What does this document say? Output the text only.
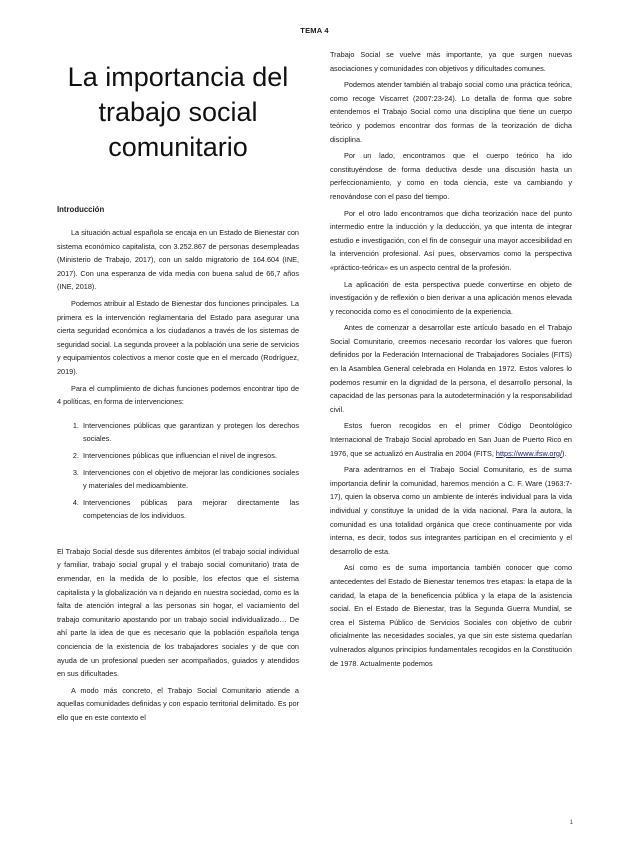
TEMA 4
La importancia del trabajo social comunitario
Introducción

La situación actual española se encaja en un Estado de Bienestar con sistema económico capitalista, con 3.252.867 de personas desempleadas (Ministerio de Trabajo, 2017), con un saldo migratorio de 164.604 (INE, 2017). Con una esperanza de vida media con buena salud de 66,7 años (INE, 2018).

Podemos atribuir al Estado de Bienestar dos funciones principales. La primera es la intervención reglamentaria del Estado para asegurar una cierta seguridad económica a los ciudadanos a través de los sistemas de seguridad social. La segunda proveer a la población una serie de servicios y equipamientos colectivos a menor coste que en el mercado (Rodríguez, 2019).

Para el cumplimiento de dichas funciones podemos encontrar tipo de 4 políticas, en forma de intervenciones:

1. Intervenciones públicas que garantizan y protegen los derechos sociales.
2. Intervenciones públicas que influencian el nivel de ingresos.
3. Intervenciones con el objetivo de mejorar las condiciones sociales y materiales del medioambiente.
4. Intervenciones públicas para mejorar directamente las competencias de los individuos.

El Trabajo Social desde sus diferentes ámbitos (el trabajo social individual y familiar, trabajo social grupal y el trabajo social comunitario) trata de enmendar, en la medida de lo posible, los efectos que el sistema capitalista y la globalización va n dejando en nuestra sociedad, como es la falta de atención integral a las personas sin hogar, el vaciamiento del trabajo comunitario apostando por un trabajo social individualizado… De ahí parte la idea de que es necesario que la población española tenga conciencia de la existencia de los trabajadores sociales y de que con ayuda de un profesional pueden ser acompañados, guiados y atendidos en sus dificultades.

A modo más concreto, el Trabajo Social Comunitario atiende a aquellas comunidades definidas y con espacio territorial delimitado. Es por ello que en este contexto el

Trabajo Social se vuelve más importante, ya que surgen nuevas asociaciones y comunidades con objetivos y dificultades comunes.

Podemos atender también al trabajo social como una práctica teórica, como recoge Viscarret (2007:23-24). Lo detalla de forma que sobre entendemos el Trabajo Social como una disciplina que tiene un cuerpo teórico y podemos encontrar dos formas de la teorización de dicha disciplina.

Por un lado, encontramos que el cuerpo teórico ha ido constituyéndose de forma deductiva desde una discusión hasta un perfeccionamiento, y como en toda ciencia, este va cambiando y renovándose con el paso del tiempo.

Por el otro lado encontramos que dicha teorización nace del punto intermedio entre la inducción y la deducción, ya que intenta de integrar estudio e investigación, con el fin de conseguir una mayor accesibilidad en la intervención profesional. Así pues, observamos como la perspectiva «práctico-teórica» es un aspecto central de la profesión.

La aplicación de esta perspectiva puede convertirse en objeto de investigación y de reflexión o bien derivar a una aplicación menos elevada y reconocida como es el conocimiento de la experiencia.

Antes de comenzar a desarrollar este artículo basado en el Trabajo Social Comunitario, creemos necesario recordar los valores que fueron definidos por la Federación Internacional de Trabajadores Sociales (FITS) en la Asamblea General celebrada en Holanda en 1972. Estos valores lo podemos resumir en la dignidad de la persona, el desarrollo personal, la capacidad de las personas para la autodeterminación y la responsabilidad civil.

Estos fueron recogidos en el primer Código Deontológico Internacional de Trabajo Social aprobado en San Juan de Puerto Rico en 1976, que se actualizó en Australia en 2004 (FITS, https://www.ifsw.org/).

Para adentrarnos en el Trabajo Social Comunitario, es de suma importancia definir la comunidad, haremos mención a C. F. Ware (1963:7-17), quien la observa como un ambiente de interés individual para la vida individual y constituye la unidad de la vida nacional. Para la autora, la comunidad es una totalidad orgánica que crece continuamente por vida interna, es decir, todos sus integrantes participan en el crecimiento y el desarrollo de esta.

Así como es de suma importancia también conocer que como antecedentes del Estado de Bienestar tenemos tres etapas: la etapa de la caridad, la etapa de la beneficencia pública y la etapa de la asistencia social. En el Estado de Bienestar, tras la Segunda Guerra Mundial, se crea el Sistema Público de Servicios Sociales con objetivo de cubrir oficialmente las necesidades sociales, ya que sin este sistema quedarían vulnerados algunos principios fundamentales recogidos en la Constitución de 1978. Actualmente podemos

1
